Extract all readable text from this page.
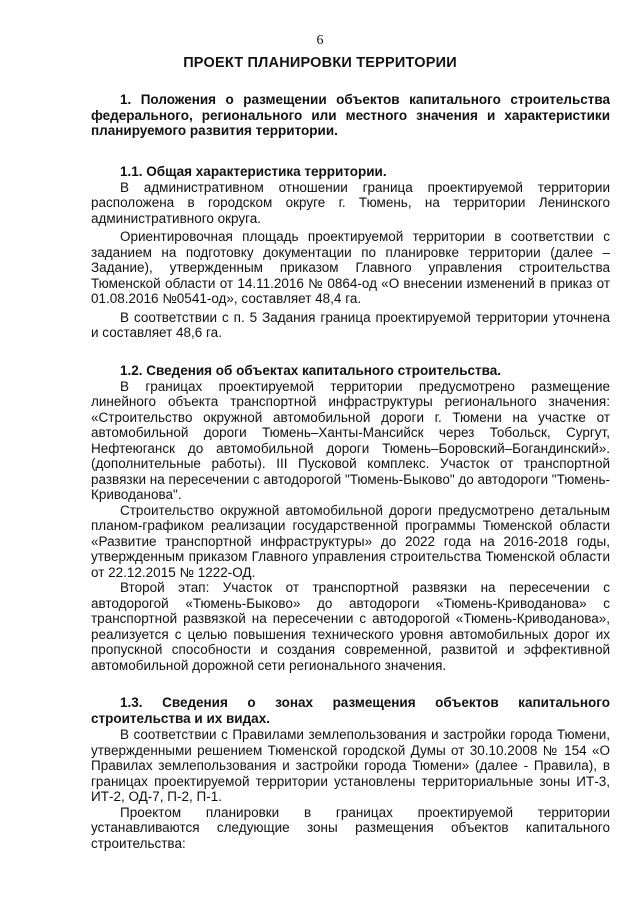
6
ПРОЕКТ ПЛАНИРОВКИ ТЕРРИТОРИИ

1. Положения о размещении объектов капитального строительства федерального, регионального или местного значения и характеристики планируемого развития территории.

1.1. Общая характеристика территории.

В административном отношении граница проектируемой территории расположена в городском округе г. Тюмень, на территории Ленинского административного округа.

Ориентировочная площадь проектируемой территории в соответствии с заданием на подготовку документации по планировке территории (далее – Задание), утвержденным приказом Главного управления строительства Тюменской области от 14.11.2016 № 0864-од «О внесении изменений в приказ от 01.08.2016 №0541-од», составляет 48,4 га.

В соответствии с п. 5 Задания граница проектируемой территории уточнена и составляет 48,6 га.

1.2. Сведения об объектах капитального строительства.

В границах проектируемой территории предусмотрено размещение линейного объекта транспортной инфраструктуры регионального значения: «Строительство окружной автомобильной дороги г. Тюмени на участке от автомобильной дороги Тюмень–Ханты-Мансийск через Тобольск, Сургут, Нефтеюганск до автомобильной дороги Тюмень–Боровский–Богандинский». (дополнительные работы). III Пусковой комплекс. Участок от транспортной развязки на пересечении с автодорогой "Тюмень-Быково" до автодороги "Тюмень-Криводанова".

Строительство окружной автомобильной дороги предусмотрено детальным планом-графиком реализации государственной программы Тюменской области «Развитие транспортной инфраструктуры» до 2022 года на 2016-2018 годы, утвержденным приказом Главного управления строительства Тюменской области от 22.12.2015 № 1222-ОД.

Второй этап: Участок от транспортной развязки на пересечении с автодорогой «Тюмень-Быково» до автодороги «Тюмень-Криводанова» с транспортной развязкой на пересечении с автодорогой «Тюмень-Криводанова», реализуется с целью повышения технического уровня автомобильных дорог их пропускной способности и создания современной, развитой и эффективной автомобильной дорожной сети регионального значения.

1.3. Сведения о зонах размещения объектов капитального строительства и их видах.

В соответствии с Правилами землепользования и застройки города Тюмени, утвержденными решением Тюменской городской Думы от 30.10.2008 № 154 «О Правилах землепользования и застройки города Тюмени» (далее - Правила), в границах проектируемой территории установлены территориальные зоны ИТ-3, ИТ-2, ОД-7, П-2, П-1.

Проектом планировки в границах проектируемой территории устанавливаются следующие зоны размещения объектов капитального строительства:
